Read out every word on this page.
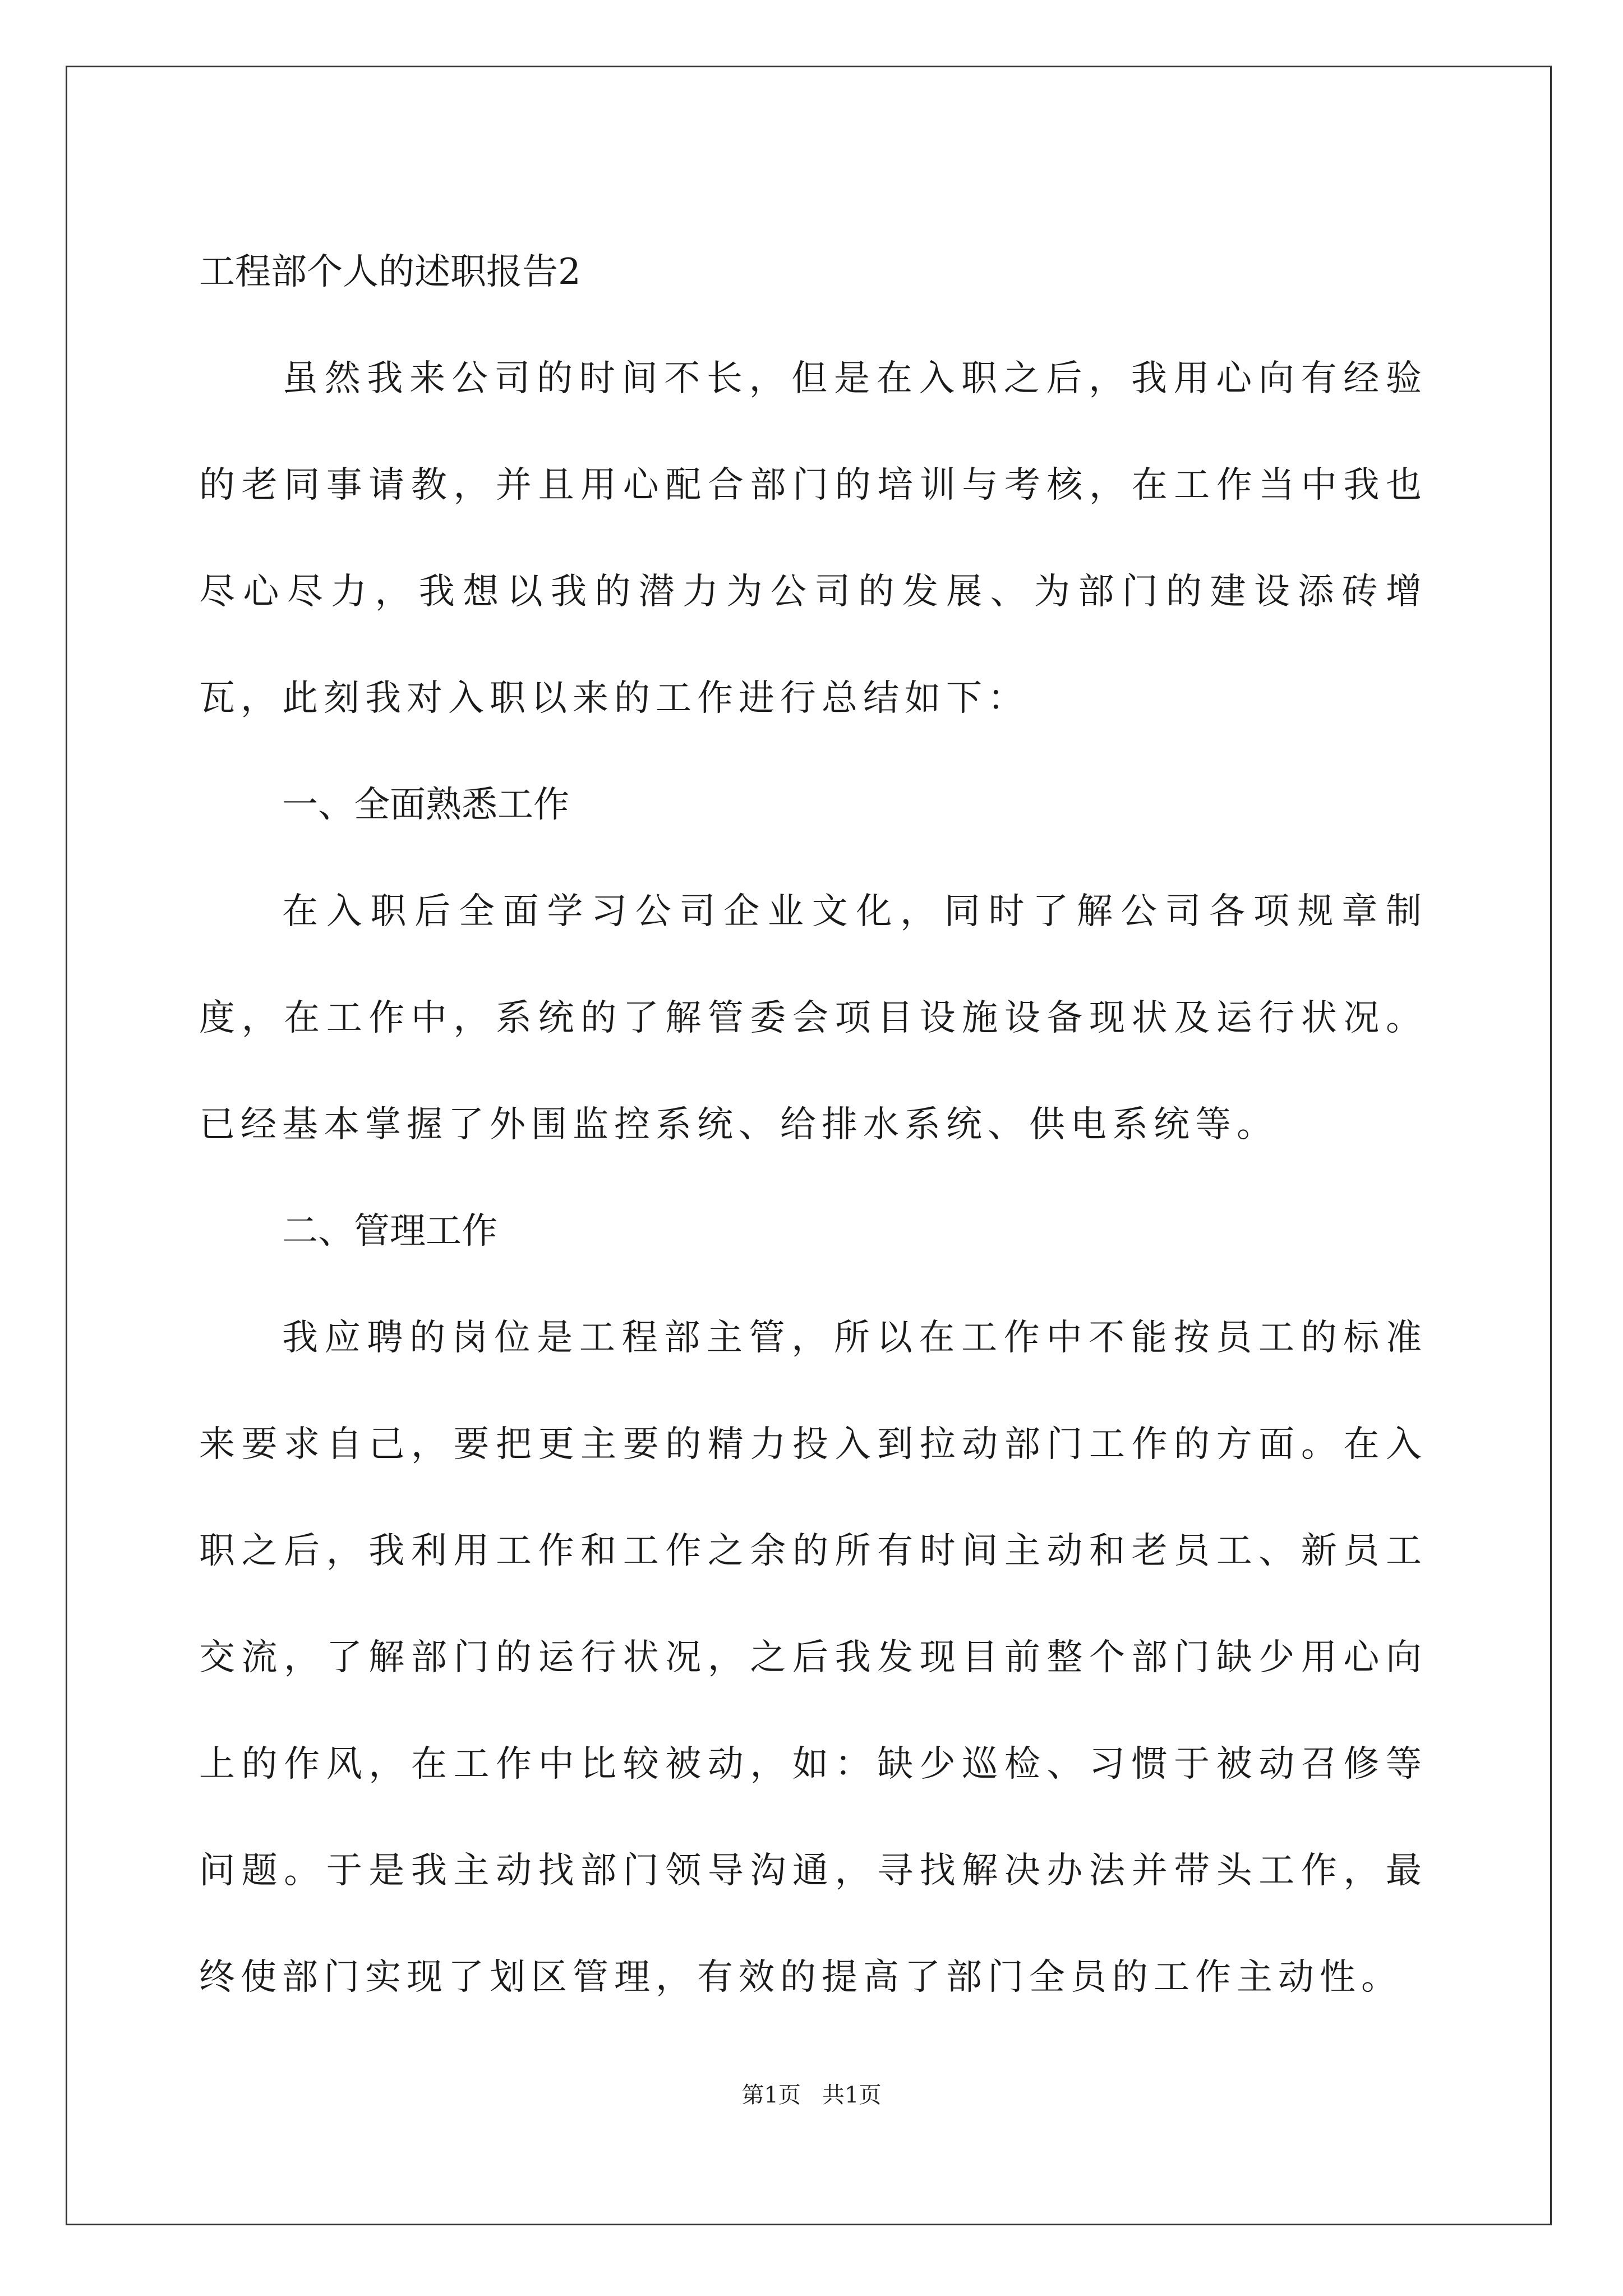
工程部个人的述职报告2

虽然我来公司的时间不长，但是在入职之后，我用心向有经验的老同事请教，并且用心配合部门的培训与考核，在工作当中我也尽心尽力，我想以我的潜力为公司的发展、为部门的建设添砖增瓦，此刻我对入职以来的工作进行总结如下：

一、全面熟悉工作

在入职后全面学习公司企业文化，同时了解公司各项规章制度，在工作中，系统的了解管委会项目设施设备现状及运行状况。已经基本掌握了外围监控系统、给排水系统、供电系统等。

二、管理工作

我应聘的岗位是工程部主管，所以在工作中不能按员工的标准来要求自己，要把更主要的精力投入到拉动部门工作的方面。在入职之后，我利用工作和工作之余的所有时间主动和老员工、新员工交流，了解部门的运行状况，之后我发现目前整个部门缺少用心向上的作风，在工作中比较被动，如：缺少巡检、习惯于被动召修等问题。于是我主动找部门领导沟通，寻找解决办法并带头工作，最终使部门实现了划区管理，有效的提高了部门全员的工作主动性。

第1页   共1页
